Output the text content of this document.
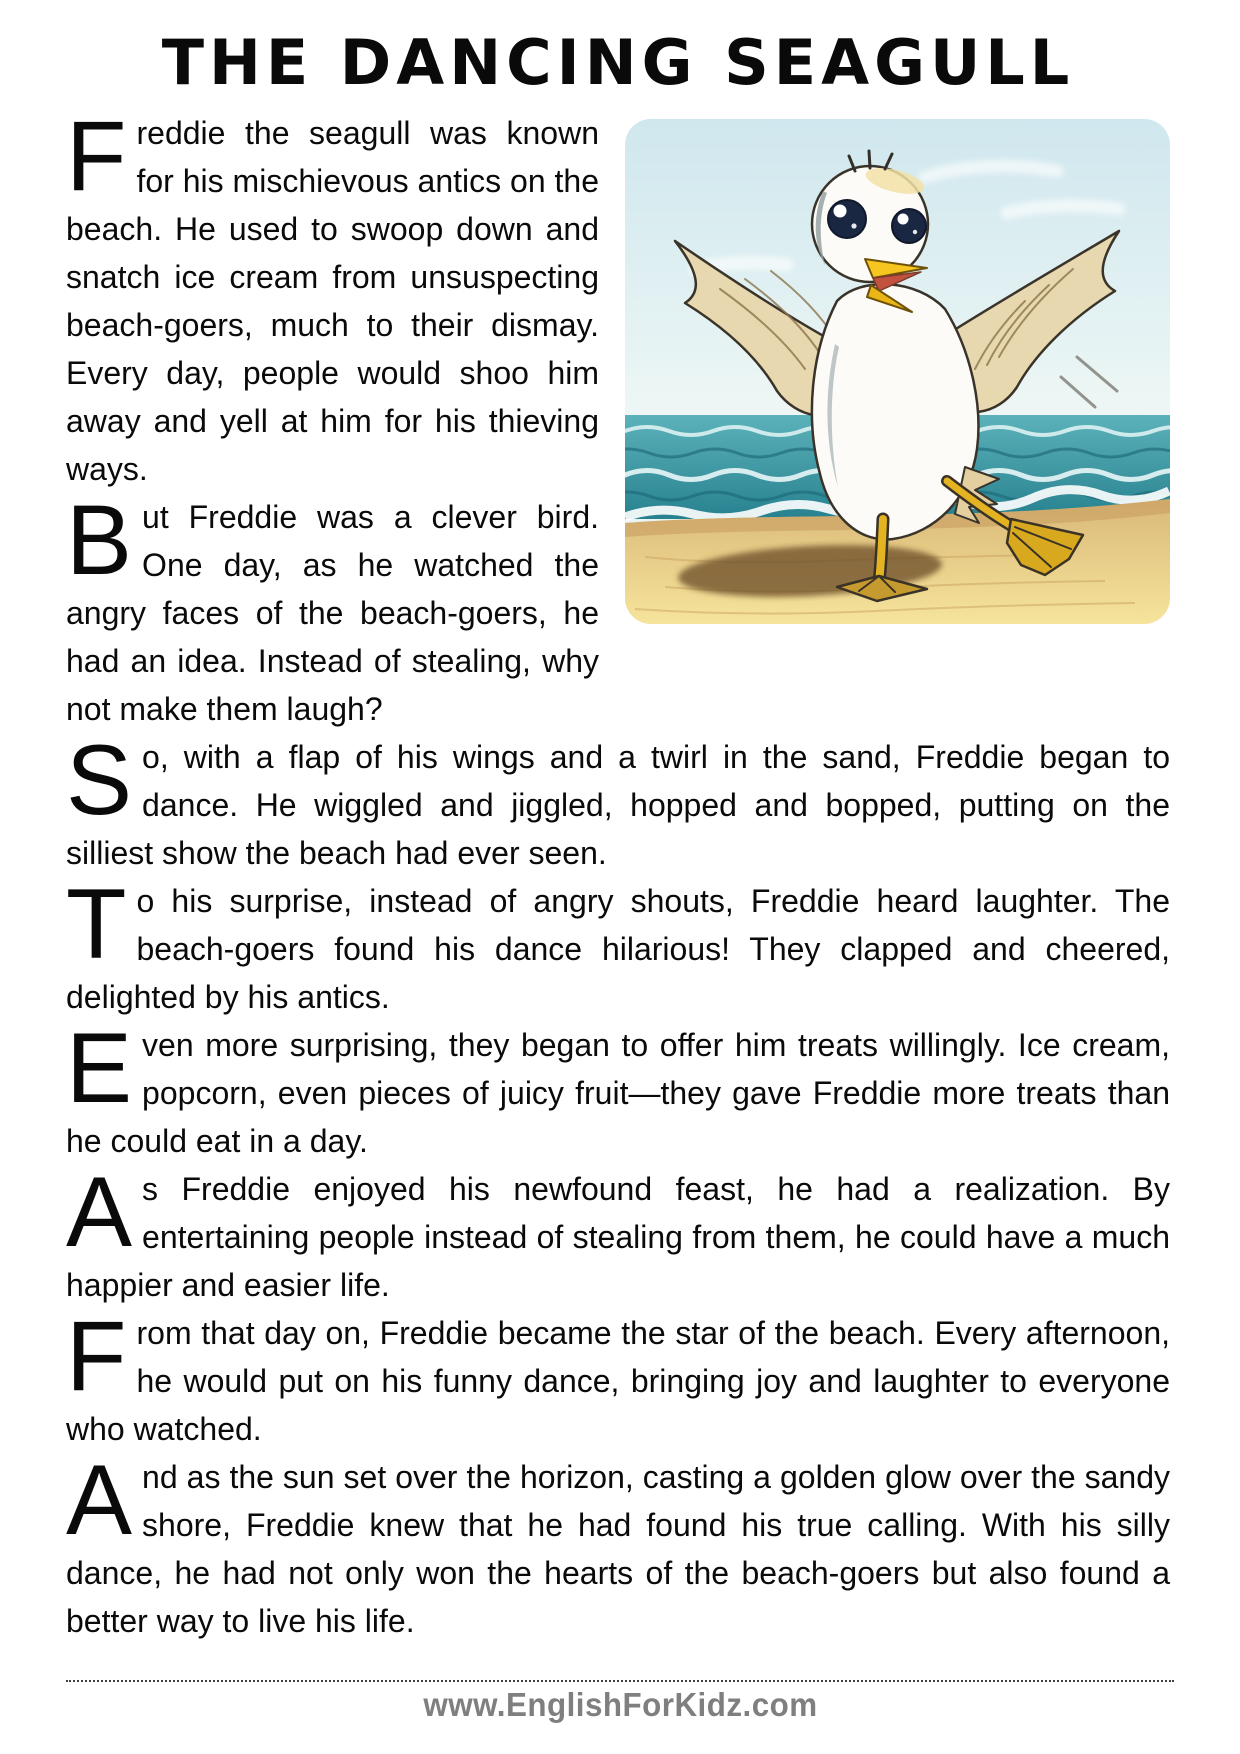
THE DANCING SEAGULL

Freddie the seagull was known for his mischievous antics on the beach. He used to swoop down and snatch ice cream from unsuspecting beach-goers, much to their dismay. Every day, people would shoo him away and yell at him for his thieving ways.

But Freddie was a clever bird. One day, as he watched the angry faces of the beach-goers, he had an idea. Instead of stealing, why not make them laugh?

So, with a flap of his wings and a twirl in the sand, Freddie began to dance. He wiggled and jiggled, hopped and bopped, putting on the silliest show the beach had ever seen.

To his surprise, instead of angry shouts, Freddie heard laughter. The beach-goers found his dance hilarious! They clapped and cheered, delighted by his antics.

Even more surprising, they began to offer him treats willingly. Ice cream, popcorn, even pieces of juicy fruit—they gave Freddie more treats than he could eat in a day.

As Freddie enjoyed his newfound feast, he had a realization. By entertaining people instead of stealing from them, he could have a much happier and easier life.

From that day on, Freddie became the star of the beach. Every afternoon, he would put on his funny dance, bringing joy and laughter to everyone who watched.

And as the sun set over the horizon, casting a golden glow over the sandy shore, Freddie knew that he had found his true calling. With his silly dance, he had not only won the hearts of the beach-goers but also found a better way to live his life.

www.EnglishForKidz.com
